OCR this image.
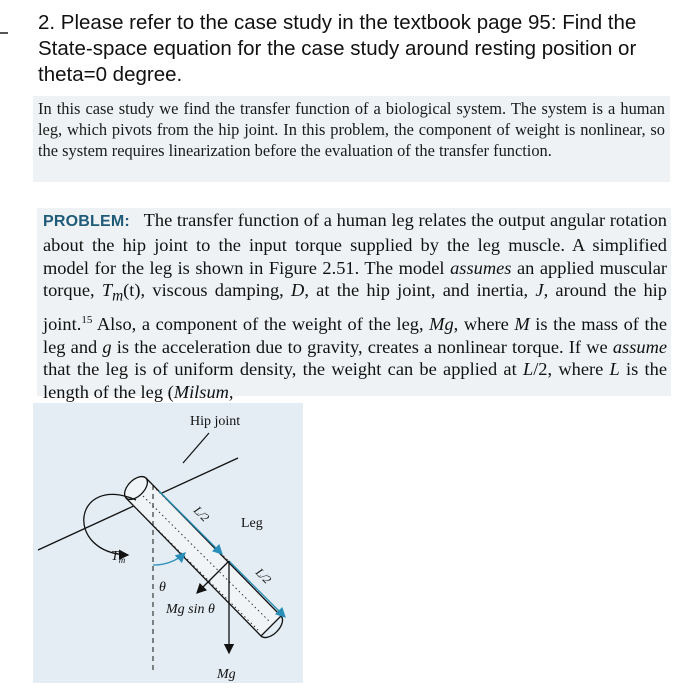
2. Please refer to the case study in the textbook page 95: Find the State-space equation for the case study around resting position or theta=0 degree.
In this case study we find the transfer function of a biological system. The system is a human leg, which pivots from the hip joint. In this problem, the component of weight is nonlinear, so the system requires linearization before the evaluation of the transfer function.
PROBLEM: The transfer function of a human leg relates the output angular rotation about the hip joint to the input torque supplied by the leg muscle. A simplified model for the leg is shown in Figure 2.51. The model assumes an applied muscular torque, $T_m(t)$, viscous damping, D, at the hip joint, and inertia, J, around the hip joint.$^{15}$ Also, a component of the weight of the leg, Mg, where M is the mass of the leg and g is the acceleration due to gravity, creates a nonlinear torque. If we assume that the leg is of uniform density, the weight can be applied at L/2, where L is the length of the leg (Milsum,
Hip joint
Leg
L/2
L/2
θ
$T_m$
Mg sin θ
Mg
